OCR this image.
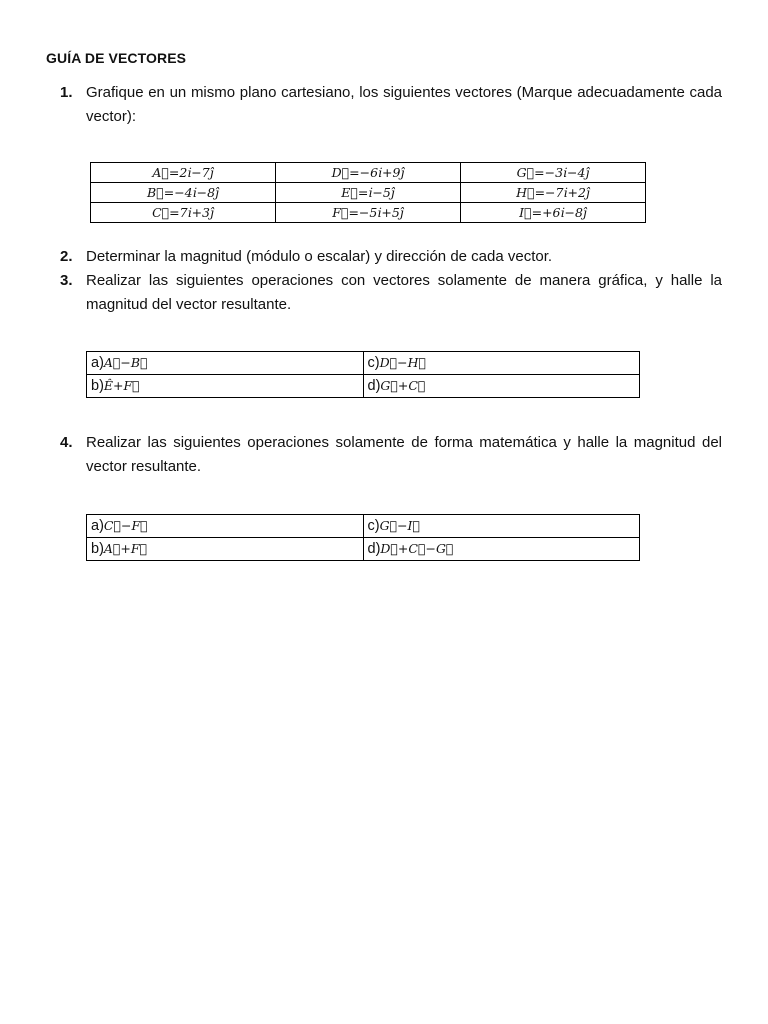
GUÍA DE VECTORES
1. Grafique en un mismo plano cartesiano, los siguientes vectores (Marque adecuadamente cada vector):
A⃗=2i̇−7ĵ	D⃗=−6i̇+9ĵ	G⃗=−3i̇−4ĵ
B⃗=−4i̇−8ĵ	E⃗=i̇−5ĵ	H⃗=−7i̇+2ĵ
C⃗=7i̇+3ĵ	F⃗=−5i̇+5ĵ	I⃗=+6i̇−8ĵ
2. Determinar la magnitud (módulo o escalar) y dirección de cada vector.
3. Realizar las siguientes operaciones con vectores solamente de manera gráfica, y halle la magnitud del vector resultante.
a)A⃗−B⃗	c)D⃗−H⃗
b)Ê+F⃗	d)G⃗+C⃗
4. Realizar las siguientes operaciones solamente de forma matemática y halle la magnitud del vector resultante.
a)C⃗−F⃗	c)G⃗−I⃗
b)A⃗+F⃗	d)D⃗+C⃗−G⃗
